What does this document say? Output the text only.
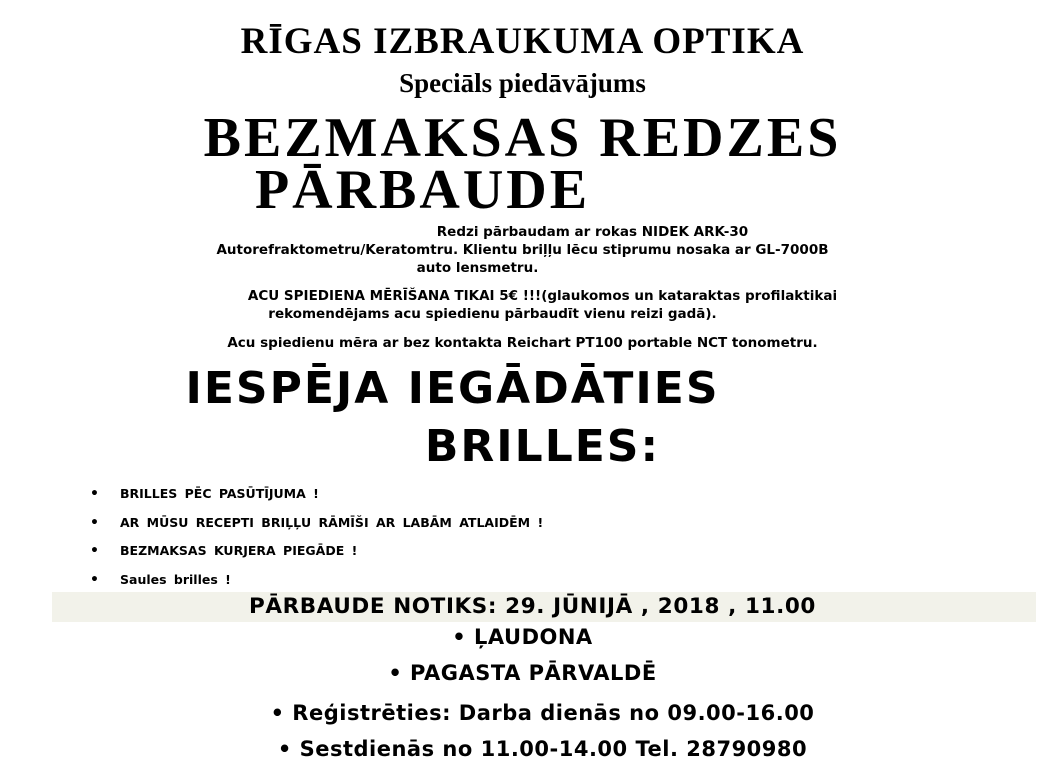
RĪGAS IZBRAUKUMA OPTIKA
Speciāls piedāvājums
BEZMAKSAS REDZES
PĀRBAUDE
Redzi pārbaudam ar rokas NIDEK ARK-30
Autorefraktometru/Keratomtru. Klientu briļļu lēcu stiprumu nosaka ar GL-7000B
auto lensmetru.
ACU SPIEDIENA MĒRĪŠANA TIKAI 5€ !!!(glaukomos un kataraktas profilaktikai
rekomendējams acu spiedienu pārbaudīt vienu reizi gadā).
Acu spiedienu mēra ar bez kontakta Reichart PT100 portable NCT tonometru.
IESPĒJA IEGĀDĀTIES
BRILLES:
• BRILLES PĒC PASŪTĪJUMA !
• AR MŪSU RECEPTI BRIĻĻU RĀMĪŠI AR LABĀM ATLAIDĒM !
• BEZMAKSAS KURJERA PIEGĀDE !
• Saules brilles !
PĀRBAUDE NOTIKS: 29. JŪNIJĀ , 2018 , 11.00
• ĻAUDONA
• PAGASTA PĀRVALDĒ
• Reģistrēties: Darba dienās no 09.00-16.00
• Sestdienās no 11.00-14.00 Tel. 28790980
